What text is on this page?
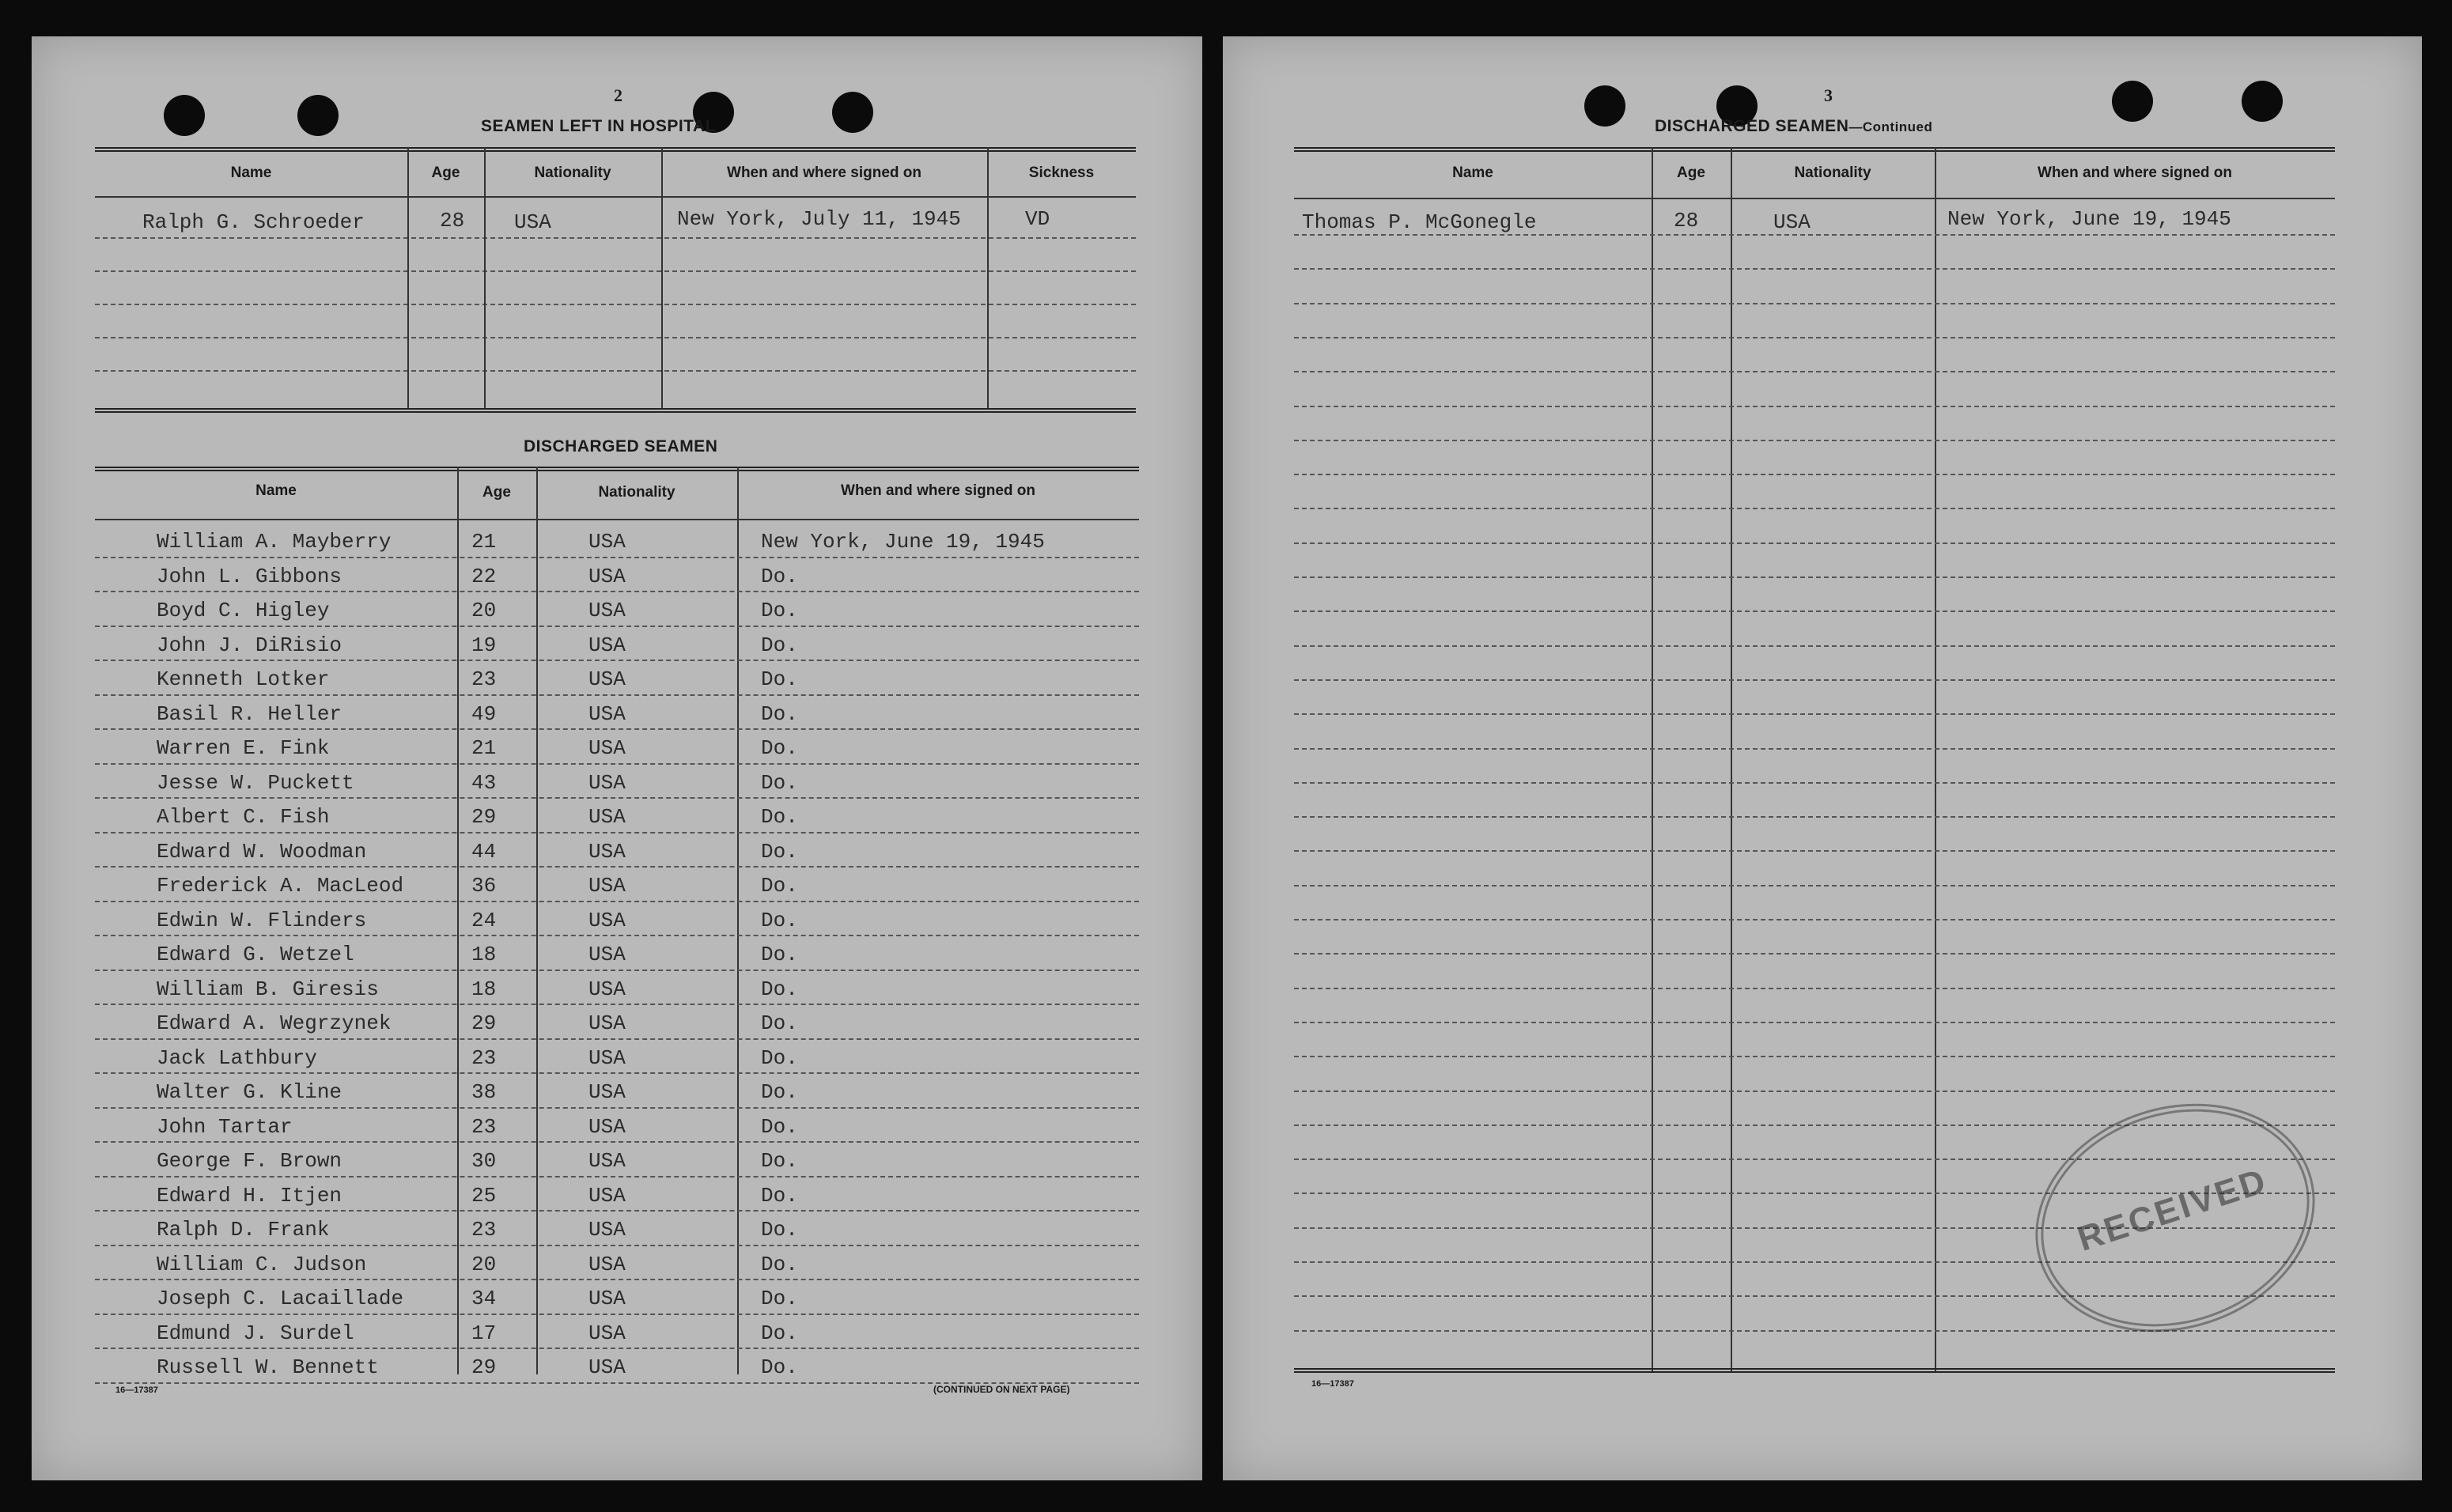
2
SEAMEN LEFT IN HOSPITAL
Name	Age	Nationality	When and where signed on	Sickness
Ralph G. Schroeder	28 USA	New York, July 11, 1945	VD
DISCHARGED SEAMEN
Name	Age	Nationality	When and where signed on
William A. Mayberry	21	USA	New York, June 19, 1945
John L. Gibbons	22	USA	Do.
Boyd C. Higley	20	USA	Do.
John J. DiRisio	19	USA	Do.
Kenneth Lotker	23	USA	Do.
Basil R. Heller	49	USA	Do.
Warren E. Fink	21	USA	Do.
Jesse W. Puckett	43	USA	Do.
Albert C. Fish	29	USA	Do.
Edward W. Woodman	44	USA	Do.
Frederick A. MacLeod	36	USA	Do.
Edwin W. Flinders	24	USA	Do.
Edward G. Wetzel	18	USA	Do.
William B. Giresis	18	USA	Do.
Edward A. Wegrzynek	29	USA	Do.
Jack Lathbury	23	USA	Do.
Walter G. Kline	38	USA	Do.
John Tartar	23	USA	Do.
George F. Brown	30	USA	Do.
Edward H. Itjen	25	USA	Do.
Ralph D. Frank	23	USA	Do.
William C. Judson	20	USA	Do.
Joseph C. Lacaillade	34	USA	Do.
Edmund J. Surdel	17	USA	Do.
Russell W. Bennett	29	USA	Do.
16—17387	(CONTINUED ON NEXT PAGE)
3
DISCHARGED SEAMEN—Continued
Name	Age	Nationality	When and where signed on
Thomas P. McGonegle	28	USA	New York, June 19, 1945
16—17387
RECEIVED
